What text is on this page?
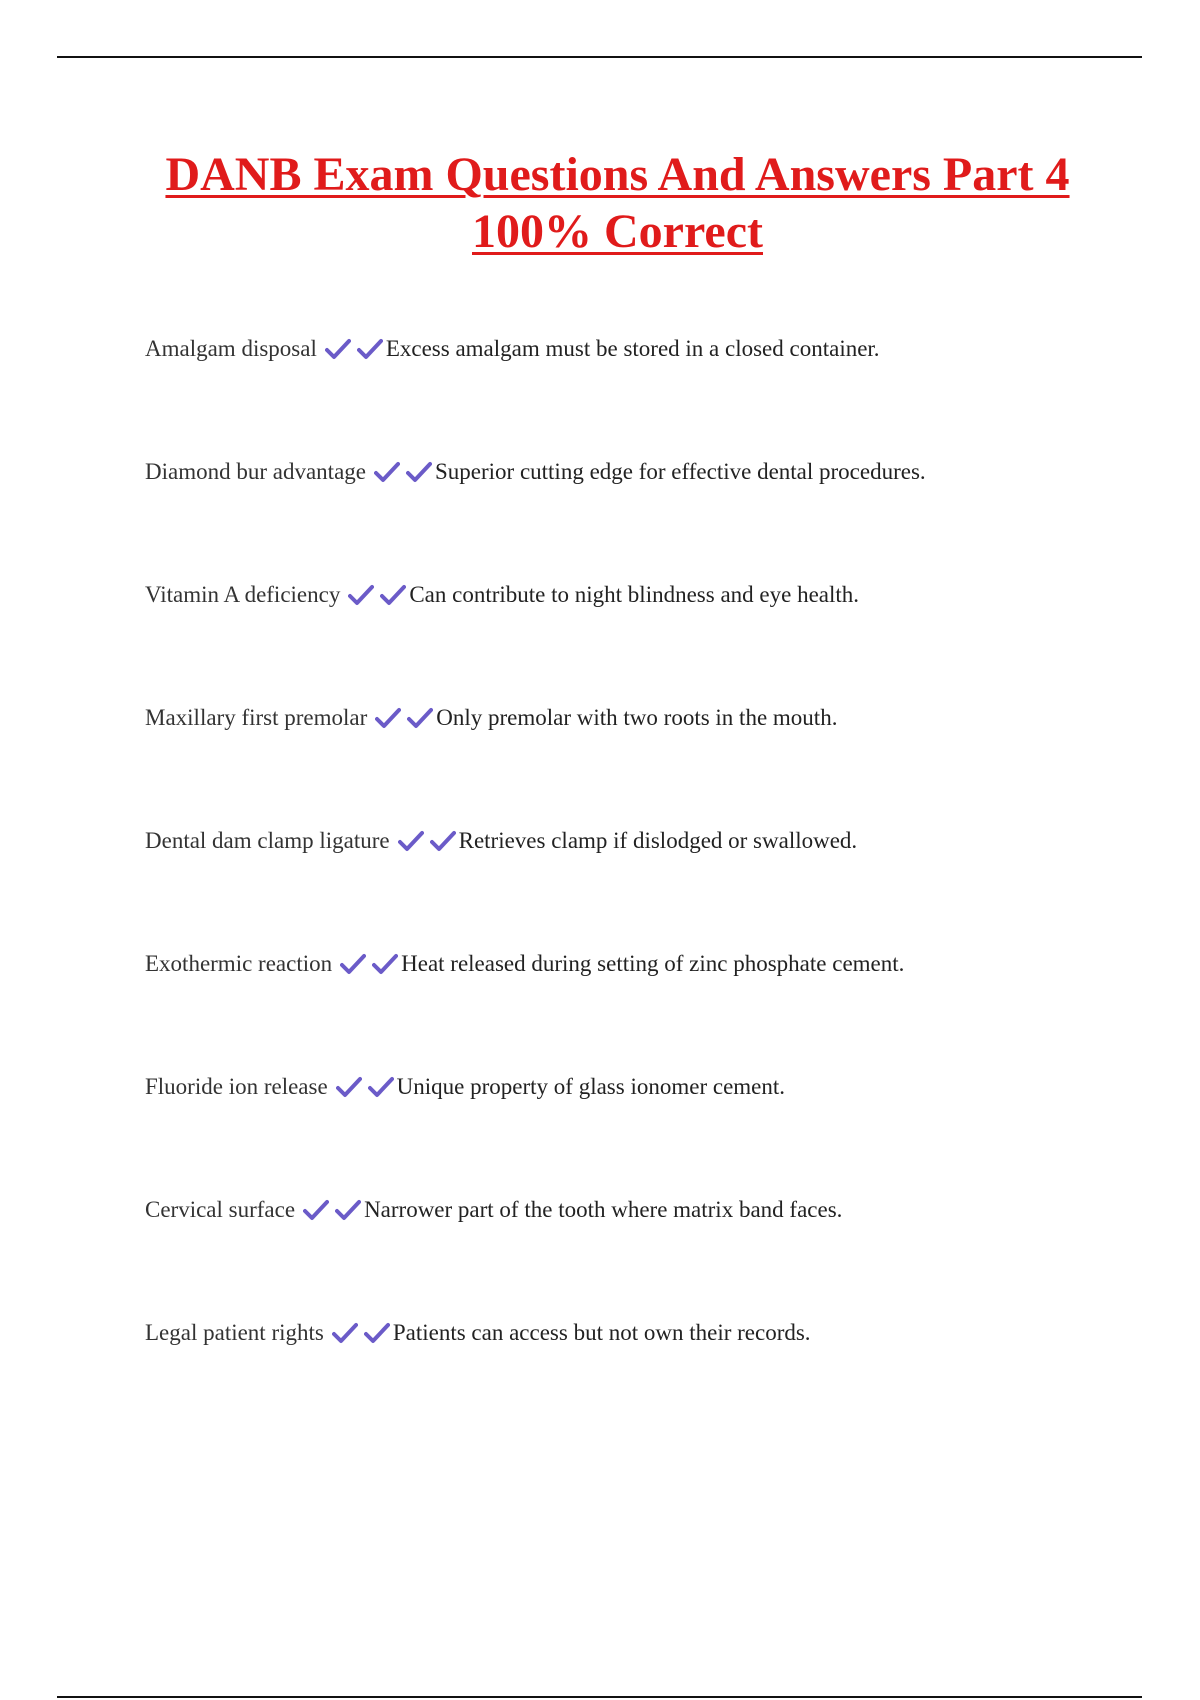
DANB Exam Questions And Answers Part 4
100% Correct
Amalgam disposal	Excess amalgam must be stored in a closed container.
Diamond bur advantage	Superior cutting edge for effective dental procedures.
Vitamin A deficiency	Can contribute to night blindness and eye health.
Maxillary first premolar	Only premolar with two roots in the mouth.
Dental dam clamp ligature	Retrieves clamp if dislodged or swallowed.
Exothermic reaction	Heat released during setting of zinc phosphate cement.
Fluoride ion release	Unique property of glass ionomer cement.
Cervical surface	Narrower part of the tooth where matrix band faces.
Legal patient rights	Patients can access but not own their records.
